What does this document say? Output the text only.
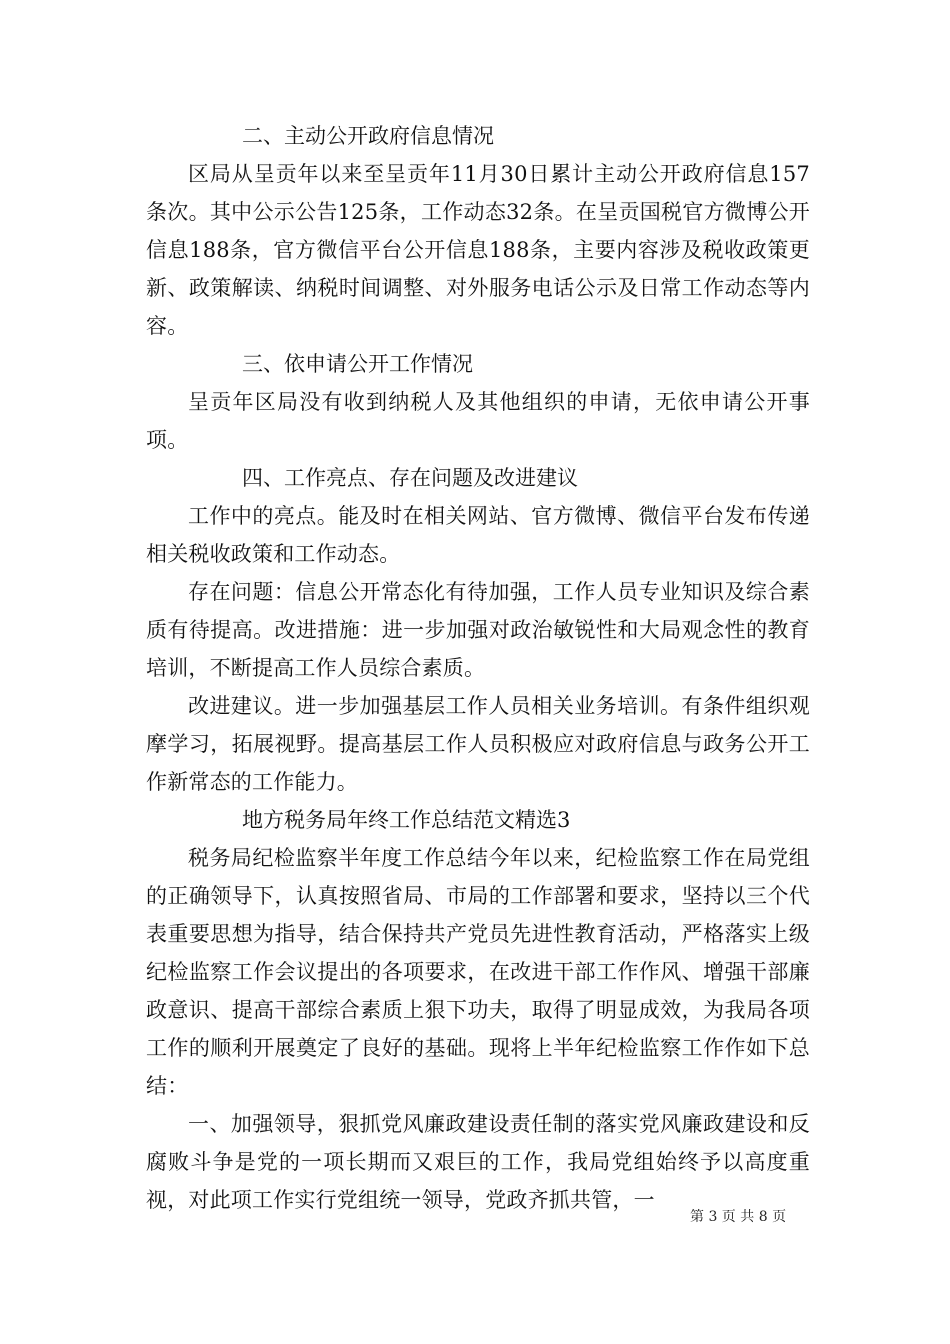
二、主动公开政府信息情况

区局从呈贡年以来至呈贡年11月30日累计主动公开政府信息157条次。其中公示公告125条，工作动态32条。在呈贡国税官方微博公开信息188条，官方微信平台公开信息188条，主要内容涉及税收政策更新、政策解读、纳税时间调整、对外服务电话公示及日常工作动态等内容。

三、依申请公开工作情况

呈贡年区局没有收到纳税人及其他组织的申请，无依申请公开事项。

四、工作亮点、存在问题及改进建议

工作中的亮点。能及时在相关网站、官方微博、微信平台发布传递相关税收政策和工作动态。

存在问题：信息公开常态化有待加强，工作人员专业知识及综合素质有待提高。改进措施：进一步加强对政治敏锐性和大局观念性的教育培训，不断提高工作人员综合素质。

改进建议。进一步加强基层工作人员相关业务培训。有条件组织观摩学习，拓展视野。提高基层工作人员积极应对政府信息与政务公开工作新常态的工作能力。

地方税务局年终工作总结范文精选3

税务局纪检监察半年度工作总结今年以来，纪检监察工作在局党组的正确领导下，认真按照省局、市局的工作部署和要求，坚持以三个代表重要思想为指导，结合保持共产党员先进性教育活动，严格落实上级纪检监察工作会议提出的各项要求，在改进干部工作作风、增强干部廉政意识、提高干部综合素质上狠下功夫，取得了明显成效，为我局各项工作的顺利开展奠定了良好的基础。现将上半年纪检监察工作作如下总结：

一、加强领导，狠抓党风廉政建设责任制的落实党风廉政建设和反腐败斗争是党的一项长期而又艰巨的工作，我局党组始终予以高度重视，对此项工作实行党组统一领导，党政齐抓共管，一

第 3 页 共 8 页
